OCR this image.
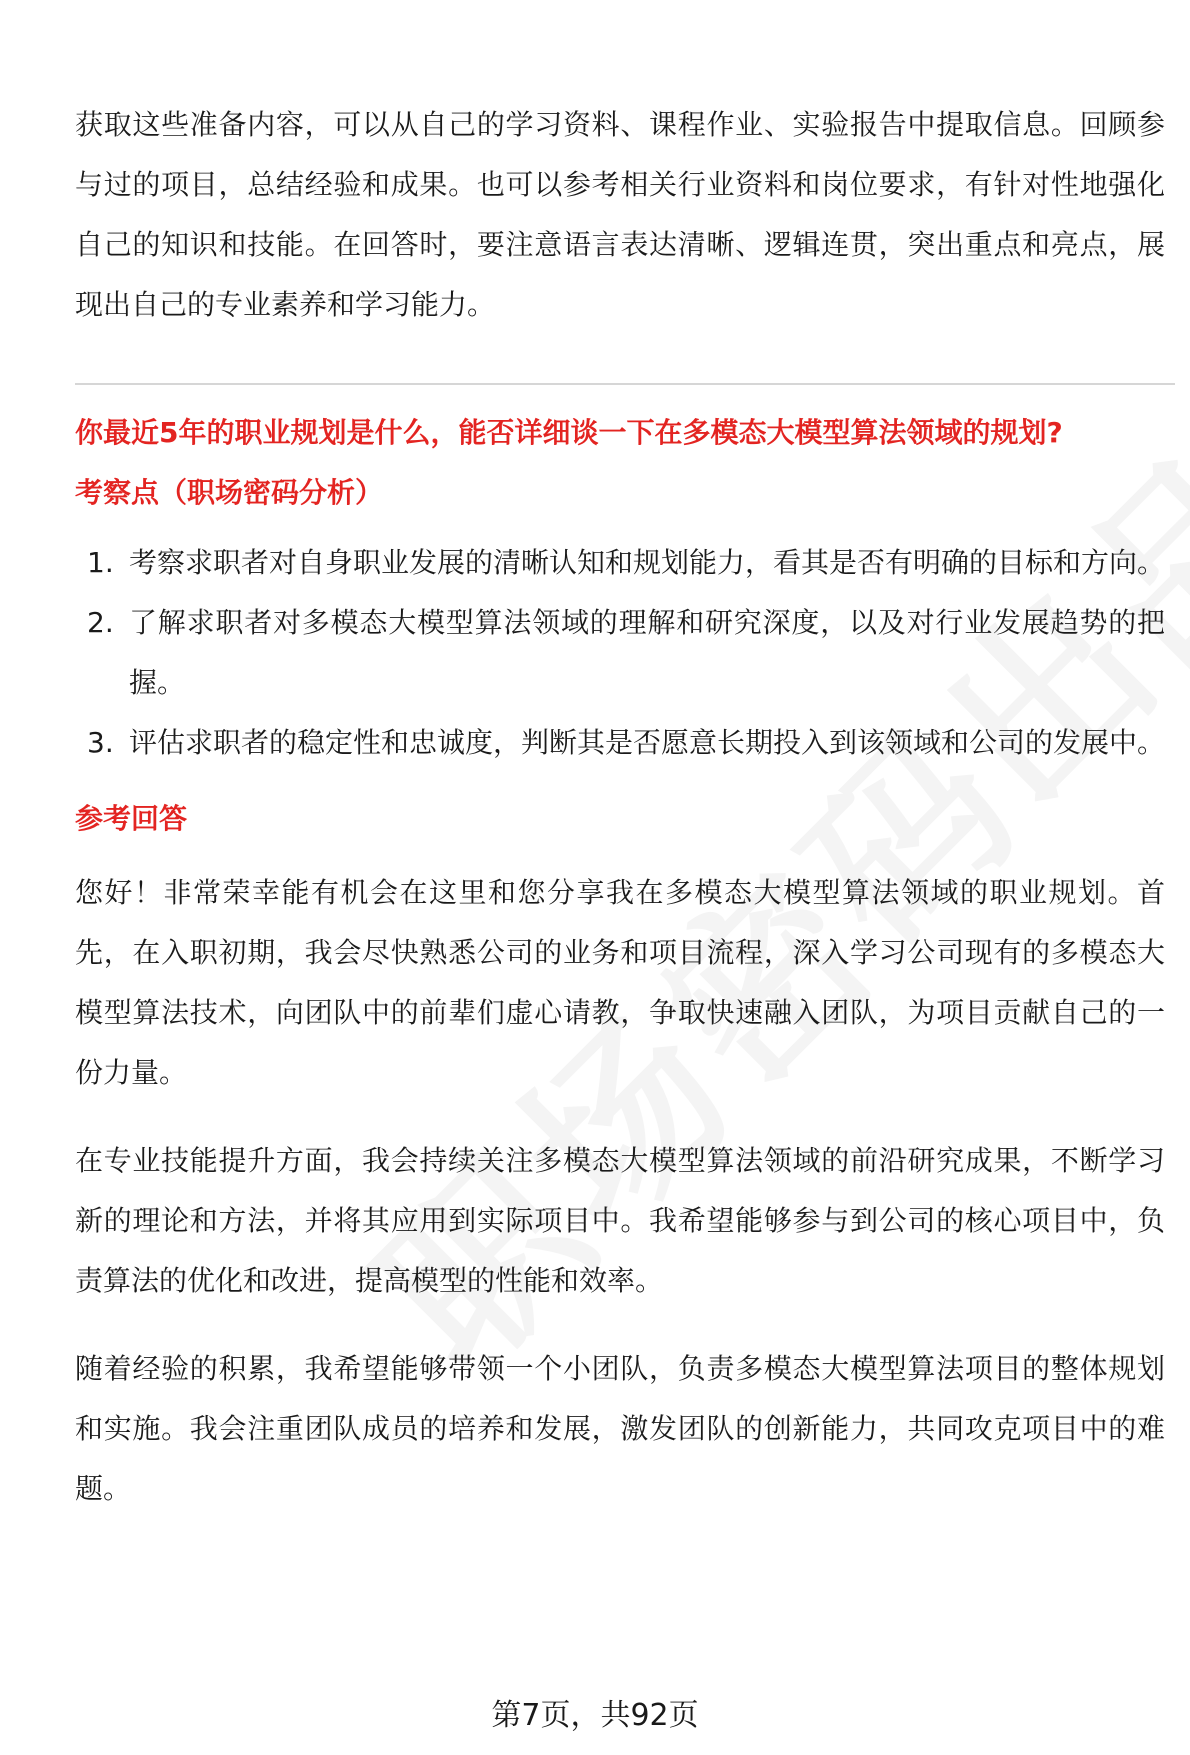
获取这些准备内容，可以从自己的学习资料、课程作业、实验报告中提取信息。回顾参与过的项目，总结经验和成果。也可以参考相关行业资料和岗位要求，有针对性地强化自己的知识和技能。在回答时，要注意语言表达清晰、逻辑连贯，突出重点和亮点，展现出自己的专业素养和学习能力。

你最近5年的职业规划是什么，能否详细谈一下在多模态大模型算法领域的规划?

考察点（职场密码分析）

1. 考察求职者对自身职业发展的清晰认知和规划能力，看其是否有明确的目标和方向。
2. 了解求职者对多模态大模型算法领域的理解和研究深度，以及对行业发展趋势的把握。
3. 评估求职者的稳定性和忠诚度，判断其是否愿意长期投入到该领域和公司的发展中。

参考回答

您好！非常荣幸能有机会在这里和您分享我在多模态大模型算法领域的职业规划。首先，在入职初期，我会尽快熟悉公司的业务和项目流程，深入学习公司现有的多模态大模型算法技术，向团队中的前辈们虚心请教，争取快速融入团队，为项目贡献自己的一份力量。

在专业技能提升方面，我会持续关注多模态大模型算法领域的前沿研究成果，不断学习新的理论和方法，并将其应用到实际项目中。我希望能够参与到公司的核心项目中，负责算法的优化和改进，提高模型的性能和效率。

随着经验的积累，我希望能够带领一个小团队，负责多模态大模型算法项目的整体规划和实施。我会注重团队成员的培养和发展，激发团队的创新能力，共同攻克项目中的难题。

第7页，共92页
